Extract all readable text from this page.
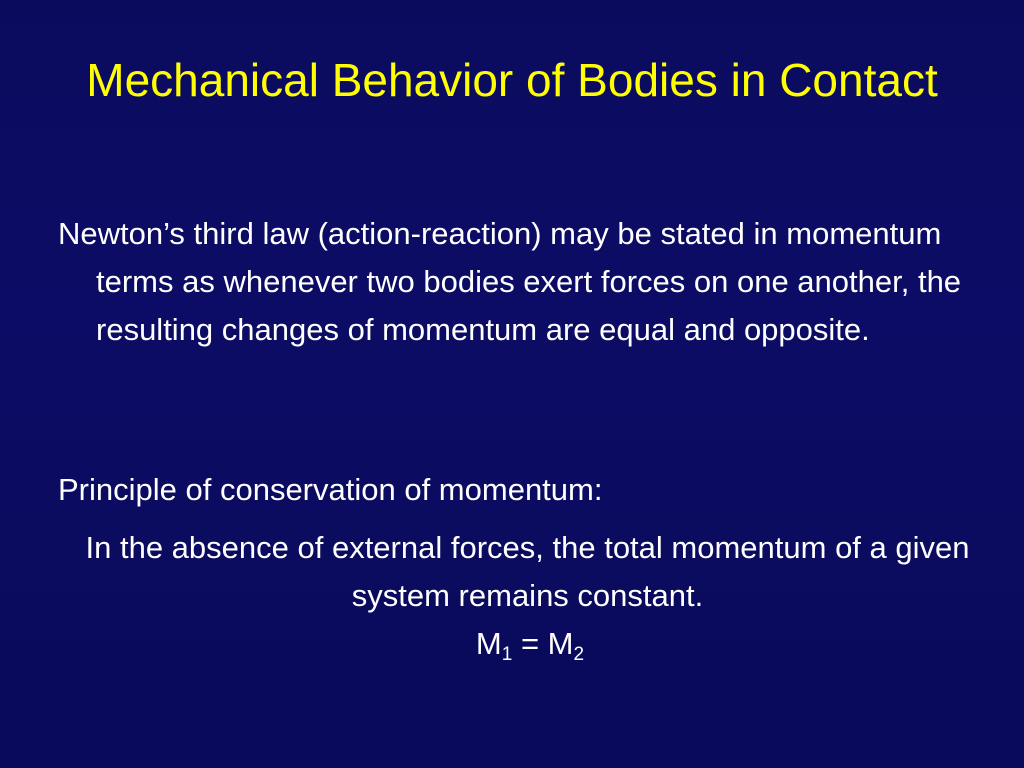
Mechanical Behavior of Bodies in Contact

Newton’s third law (action-reaction) may be stated in momentum terms as whenever two bodies exert forces on one another, the resulting changes of momentum are equal and opposite.

Principle of conservation of momentum:

In the absence of external forces, the total momentum of a given system remains constant.

$M_1 = M_2$
